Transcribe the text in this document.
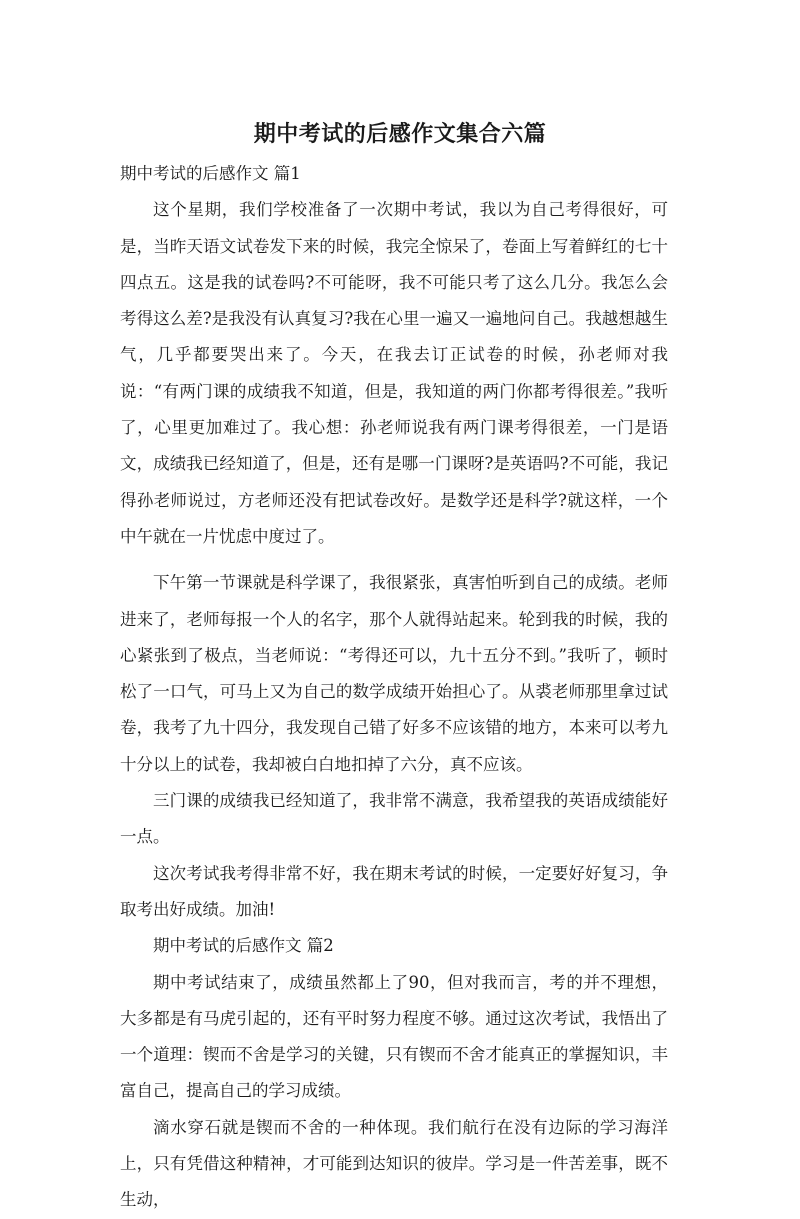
期中考试的后感作文集合六篇

期中考试的后感作文 篇1

这个星期，我们学校准备了一次期中考试，我以为自己考得很好，可是，当昨天语文试卷发下来的时候，我完全惊呆了，卷面上写着鲜红的七十四点五。这是我的试卷吗?不可能呀，我不可能只考了这么几分。我怎么会考得这么差?是我没有认真复习?我在心里一遍又一遍地问自己。我越想越生气，几乎都要哭出来了。今天，在我去订正试卷的时候，孙老师对我说：“有两门课的成绩我不知道，但是，我知道的两门你都考得很差。”我听了，心里更加难过了。我心想：孙老师说我有两门课考得很差，一门是语文，成绩我已经知道了，但是，还有是哪一门课呀?是英语吗?不可能，我记得孙老师说过，方老师还没有把试卷改好。是数学还是科学?就这样，一个中午就在一片忧虑中度过了。

下午第一节课就是科学课了，我很紧张，真害怕听到自己的成绩。老师进来了，老师每报一个人的名字，那个人就得站起来。轮到我的时候，我的心紧张到了极点，当老师说：“考得还可以，九十五分不到。”我听了，顿时松了一口气，可马上又为自己的数学成绩开始担心了。从裘老师那里拿过试卷，我考了九十四分，我发现自己错了好多不应该错的地方，本来可以考九十分以上的试卷，我却被白白地扣掉了六分，真不应该。

三门课的成绩我已经知道了，我非常不满意，我希望我的英语成绩能好一点。

这次考试我考得非常不好，我在期末考试的时候，一定要好好复习，争取考出好成绩。加油!

期中考试的后感作文 篇2

期中考试结束了，成绩虽然都上了90，但对我而言，考的并不理想，大多都是有马虎引起的，还有平时努力程度不够。通过这次考试，我悟出了一个道理：锲而不舍是学习的关键，只有锲而不舍才能真正的掌握知识，丰富自己，提高自己的学习成绩。

滴水穿石就是锲而不舍的一种体现。我们航行在没有边际的学习海洋上，只有凭借这种精神，才可能到达知识的彼岸。学习是一件苦差事，既不生动，
